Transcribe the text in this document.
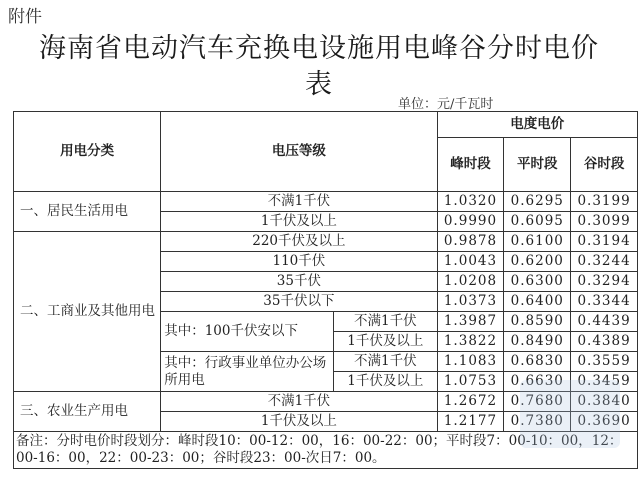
附件
海南省电动汽车充换电设施用电峰谷分时电价
表
单位：元/千瓦时
用电分类	电压等级		电度电价		
			峰时段	平时段	谷时段
一、居民生活用电	不满1千伏		1.0320	0.6295	0.3199
	1千伏及以上		0.9990	0.6095	0.3099
二、工商业及其他用电	220千伏及以上		0.9878	0.6100	0.3194
	110千伏		1.0043	0.6200	0.3244
	35千伏		1.0208	0.6300	0.3294
	35千伏以下		1.0373	0.6400	0.3344
	其中：100千伏安以下	不满1千伏	1.3987	0.8590	0.4439
		1千伏及以上	1.3822	0.8490	0.4389
	其中：行政事业单位办公场所用电	不满1千伏	1.1083	0.6830	0.3559
		1千伏及以上	1.0753	0.6630	0.3459
三、农业生产用电	不满1千伏		1.2672	0.7680	0.3840
	1千伏及以上		1.2177	0.7380	0.3690
备注：分时电价时段划分：峰时段10：00-12：00，16：00-22：00；平时段7：00-10：00，12：00-16：00，22：00-23：00；谷时段23：00-次日7：00。					
